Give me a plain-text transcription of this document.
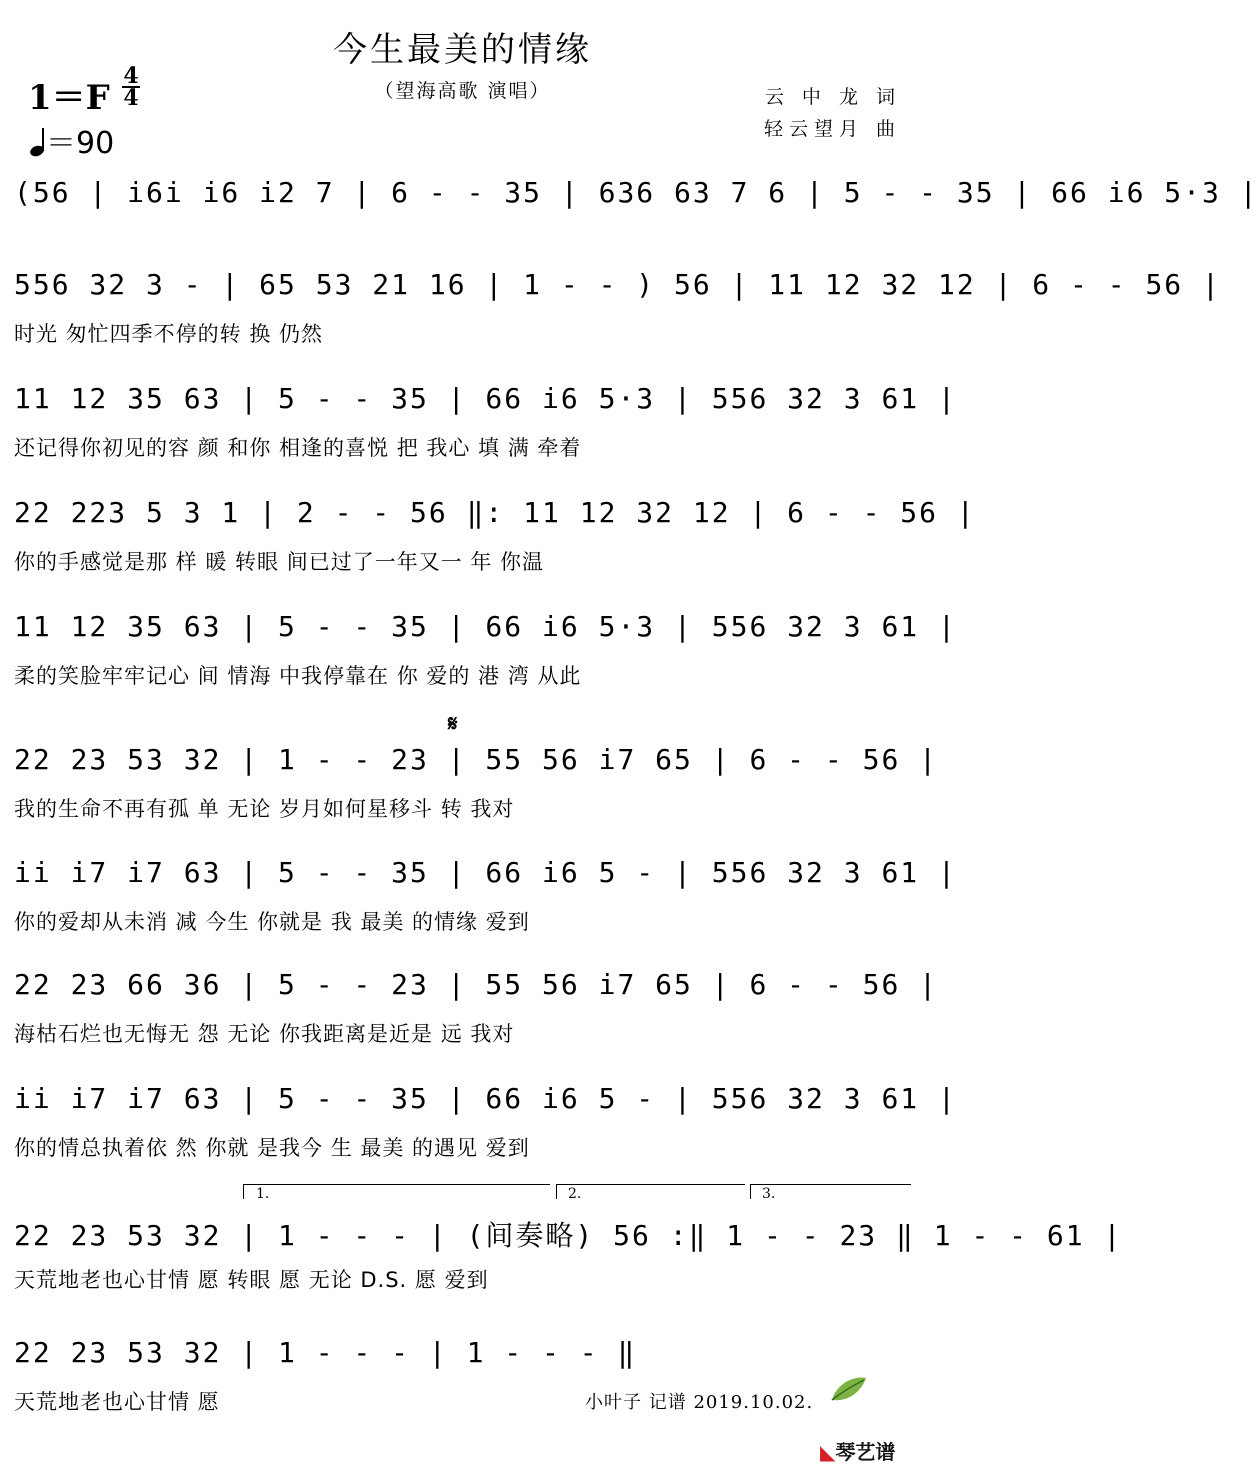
今生最美的情缘
（望海高歌 演唱）
1＝F
4
4
＝90
云 中 龙 词
轻云望月 曲
(56 | i6i i6 i2 7 | 6 - - 35 | 636 63 7 6 | 5 - - 35 | 66 i6 5·3 |
556 32 3 - | 65 53 21 16 | 1 - - ) 56 | 11 12 32 12 | 6 - - 56 |
时光 匆忙四季不停的转 换 仍然
11 12 35 63 | 5 - - 35 | 66 i6 5·3 | 556 32 3 61 |
还记得你初见的容 颜 和你 相逢的喜悦 把 我心 填 满 牵着
22 223 5 3 1 | 2 - - 56 ‖: 11 12 32 12 | 6 - - 56 |
你的手感觉是那 样 暖 转眼 间已过了一年又一 年 你温
11 12 35 63 | 5 - - 35 | 66 i6 5·3 | 556 32 3 61 |
柔的笑脸牢牢记心 间 情海 中我停靠在 你 爱的 港 湾 从此
𝄋
22 23 53 32 | 1 - - 23 | 55 56 i7 65 | 6 - - 56 |
我的生命不再有孤 单 无论 岁月如何星移斗 转 我对
ii i7 i7 63 | 5 - - 35 | 66 i6 5 - | 556 32 3 61 |
你的爱却从未消 减 今生 你就是 我 最美 的情缘 爱到
22 23 66 36 | 5 - - 23 | 55 56 i7 65 | 6 - - 56 |
海枯石烂也无悔无 怨 无论 你我距离是近是 远 我对
ii i7 i7 63 | 5 - - 35 | 66 i6 5 - | 556 32 3 61 |
你的情总执着依 然 你就 是我今 生 最美 的遇见 爱到
1.	2.	3.
22 23 53 32 | 1 - - - | (间奏略) 56 :‖ 1 - - 23 ‖ 1 - - 61 |
天荒地老也心甘情 愿 转眼 愿 无论 D.S. 愿 爱到
22 23 53 32 | 1 - - - | 1 - - - ‖
天荒地老也心甘情 愿	小叶子 记谱 2019.10.02.
◣琴艺谱
